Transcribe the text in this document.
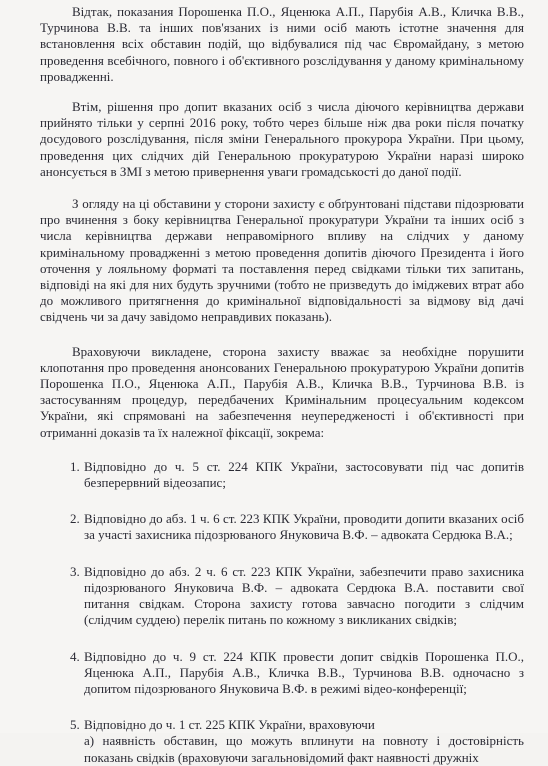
Відтак, показания Порошенка П.О., Яценюка А.П., Парубія А.В., Кличка В.В., Турчинова В.В. та інших пов'язаних із ними осіб мають істотне значення для встановлення всіх обставин подій, що відбувалися під час Євромайдану, з метою проведення всебічного, повного і об'єктивного розслідування у даному кримінальному провадженні.

Втім, рішення про допит вказаних осіб з числа діючого керівництва держави прийнято тільки у серпні 2016 року, тобто через більше ніж два роки після початку досудового розслідування, після зміни Генерального прокурора України. При цьому, проведення цих слідчих дій Генеральною прокуратурою України наразі широко анонсується в ЗМІ з метою привернення уваги громадськості до даної події.

З огляду на ці обставини у сторони захисту є обґрунтовані підстави підозрювати про вчинення з боку керівництва Генеральної прокуратури України та інших осіб з числа керівництва держави неправомірного впливу на слідчих у даному кримінальному провадженні з метою проведення допитів діючого Президента і його оточення у лояльному форматі та поставлення перед свідками тільки тих запитань, відповіді на які для них будуть зручними (тобто не призведуть до іміджевих втрат або до можливого притягнення до кримінальної відповідальності за відмову від дачі свідчень чи за дачу завідомо неправдивих показань).

Враховуючи викладене, сторона захисту вважає за необхідне порушити клопотання про проведення анонсованих Генеральною прокуратурою України допитів Порошенка П.О., Яценюка А.П., Парубія А.В., Кличка В.В., Турчинова В.В. із застосуванням процедур, передбачених Кримінальним процесуальним кодексом України, які спрямовані на забезпечення неупередженості і об'єктивності при отриманні доказів та їх належної фіксації, зокрема:

1. Відповідно до ч. 5 ст. 224 КПК України, застосовувати під час допитів безперервний відеозапис;
2. Відповідно до абз. 1 ч. 6 ст. 223 КПК України, проводити допити вказаних осіб за участі захисника підозрюваного Януковича В.Ф. – адвоката Сердюка В.А.;
3. Відповідно до абз. 2 ч. 6 ст. 223 КПК України, забезпечити право захисника підозрюваного Януковича В.Ф. – адвоката Сердюка В.А. поставити свої питання свідкам. Сторона захисту готова завчасно погодити з слідчим (слідчим суддею) перелік питань по кожному з викликаних свідків;
4. Відповідно до ч. 9 ст. 224 КПК провести допит свідків Порошенка П.О., Яценюка А.П., Парубія А.В., Кличка В.В., Турчинова В.В. одночасно з допитом підозрюваного Януковича В.Ф. в режимі відео-конференції;
5. Відповідно до ч. 1 ст. 225 КПК України, враховуючи
а) наявність обставин, що можуть вплинути на повноту і достовірність показань свідків (враховуючи загальновідомий факт наявності дружніх
